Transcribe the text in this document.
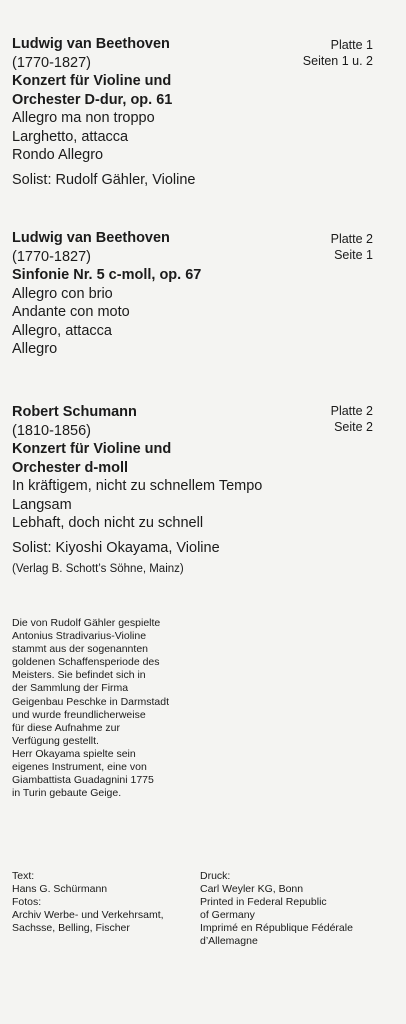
Ludwig van Beethoven
(1770-1827)
Konzert für Violine und
Orchester D-dur, op. 61
Allegro ma non troppo
Larghetto, attacca
Rondo Allegro
Solist: Rudolf Gähler, Violine
Platte 1
Seiten 1 u. 2
Ludwig van Beethoven
(1770-1827)
Sinfonie Nr. 5 c-moll, op. 67
Allegro con brio
Andante con moto
Allegro, attacca
Allegro
Platte 2
Seite 1
Robert Schumann
(1810-1856)
Konzert für Violine und
Orchester d-moll
In kräftigem, nicht zu schnellem Tempo
Langsam
Lebhaft, doch nicht zu schnell
Solist: Kiyoshi Okayama, Violine
(Verlag B. Schott’s Söhne, Mainz)
Platte 2
Seite 2
Die von Rudolf Gähler gespielte
Antonius Stradivarius-Violine
stammt aus der sogenannten
goldenen Schaffensperiode des
Meisters. Sie befindet sich in
der Sammlung der Firma
Geigenbau Peschke in Darmstadt
und wurde freundlicherweise
für diese Aufnahme zur
Verfügung gestellt.
Herr Okayama spielte sein
eigenes Instrument, eine von
Giambattista Guadagnini 1775
in Turin gebaute Geige.
Text:
Hans G. Schürmann
Fotos:
Archiv Werbe- und Verkehrsamt,
Sachsse, Belling, Fischer
Druck:
Carl Weyler KG, Bonn
Printed in Federal Republic
of Germany
Imprimé en République Fédérale
d’Allemagne
